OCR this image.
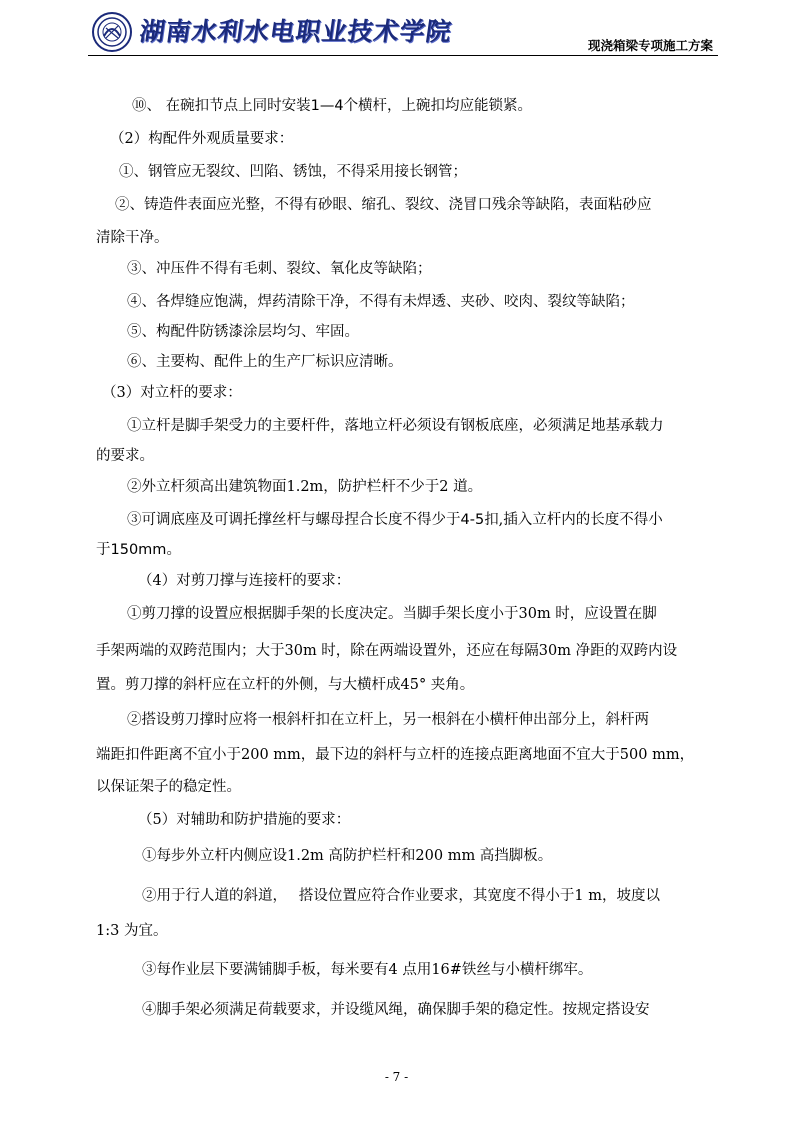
湖南水利水电职业技术学院	现浇箱梁专项施工方案
⑩、 在碗扣节点上同时安装1—4个横杆，上碗扣均应能锁紧。
（2）构配件外观质量要求：
①、钢管应无裂纹、凹陷、锈蚀，不得采用接长钢管；
②、铸造件表面应光整，不得有砂眼、缩孔、裂纹、浇冒口残余等缺陷，表面粘砂应
清除干净。
③、冲压件不得有毛刺、裂纹、氧化皮等缺陷；
④、各焊缝应饱满，焊药清除干净，不得有未焊透、夹砂、咬肉、裂纹等缺陷；
⑤、构配件防锈漆涂层均匀、牢固。
⑥、主要构、配件上的生产厂标识应清晰。
（3）对立杆的要求：
①立杆是脚手架受力的主要杆件，落地立杆必须设有钢板底座，必须满足地基承载力
的要求。
②外立杆须高出建筑物面1.2m，防护栏杆不少于2 道。
③可调底座及可调托撑丝杆与螺母捏合长度不得少于4-5扣,插入立杆内的长度不得小
于150mm。
（4）对剪刀撑与连接杆的要求：
①剪刀撑的设置应根据脚手架的长度决定。当脚手架长度小于30m 时，应设置在脚
手架两端的双跨范围内；大于30m 时，除在两端设置外，还应在每隔30m 净距的双跨内设
置。剪刀撑的斜杆应在立杆的外侧，与大横杆成45° 夹角。
②搭设剪刀撑时应将一根斜杆扣在立杆上，另一根斜在小横杆伸出部分上，斜杆两
端距扣件距离不宜小于200 mm，最下边的斜杆与立杆的连接点距离地面不宜大于500 mm，
以保证架子的稳定性。
（5）对辅助和防护措施的要求：
①每步外立杆内侧应设1.2m 高防护栏杆和200 mm 高挡脚板。
②用于行人道的斜道，　 搭设位置应符合作业要求，其宽度不得小于1 m，坡度以
1:3 为宜。
③每作业层下要满铺脚手板，每米要有4 点用16#铁丝与小横杆绑牢。
④脚手架必须满足荷载要求，并设缆风绳，确保脚手架的稳定性。按规定搭设安
- 7 -
